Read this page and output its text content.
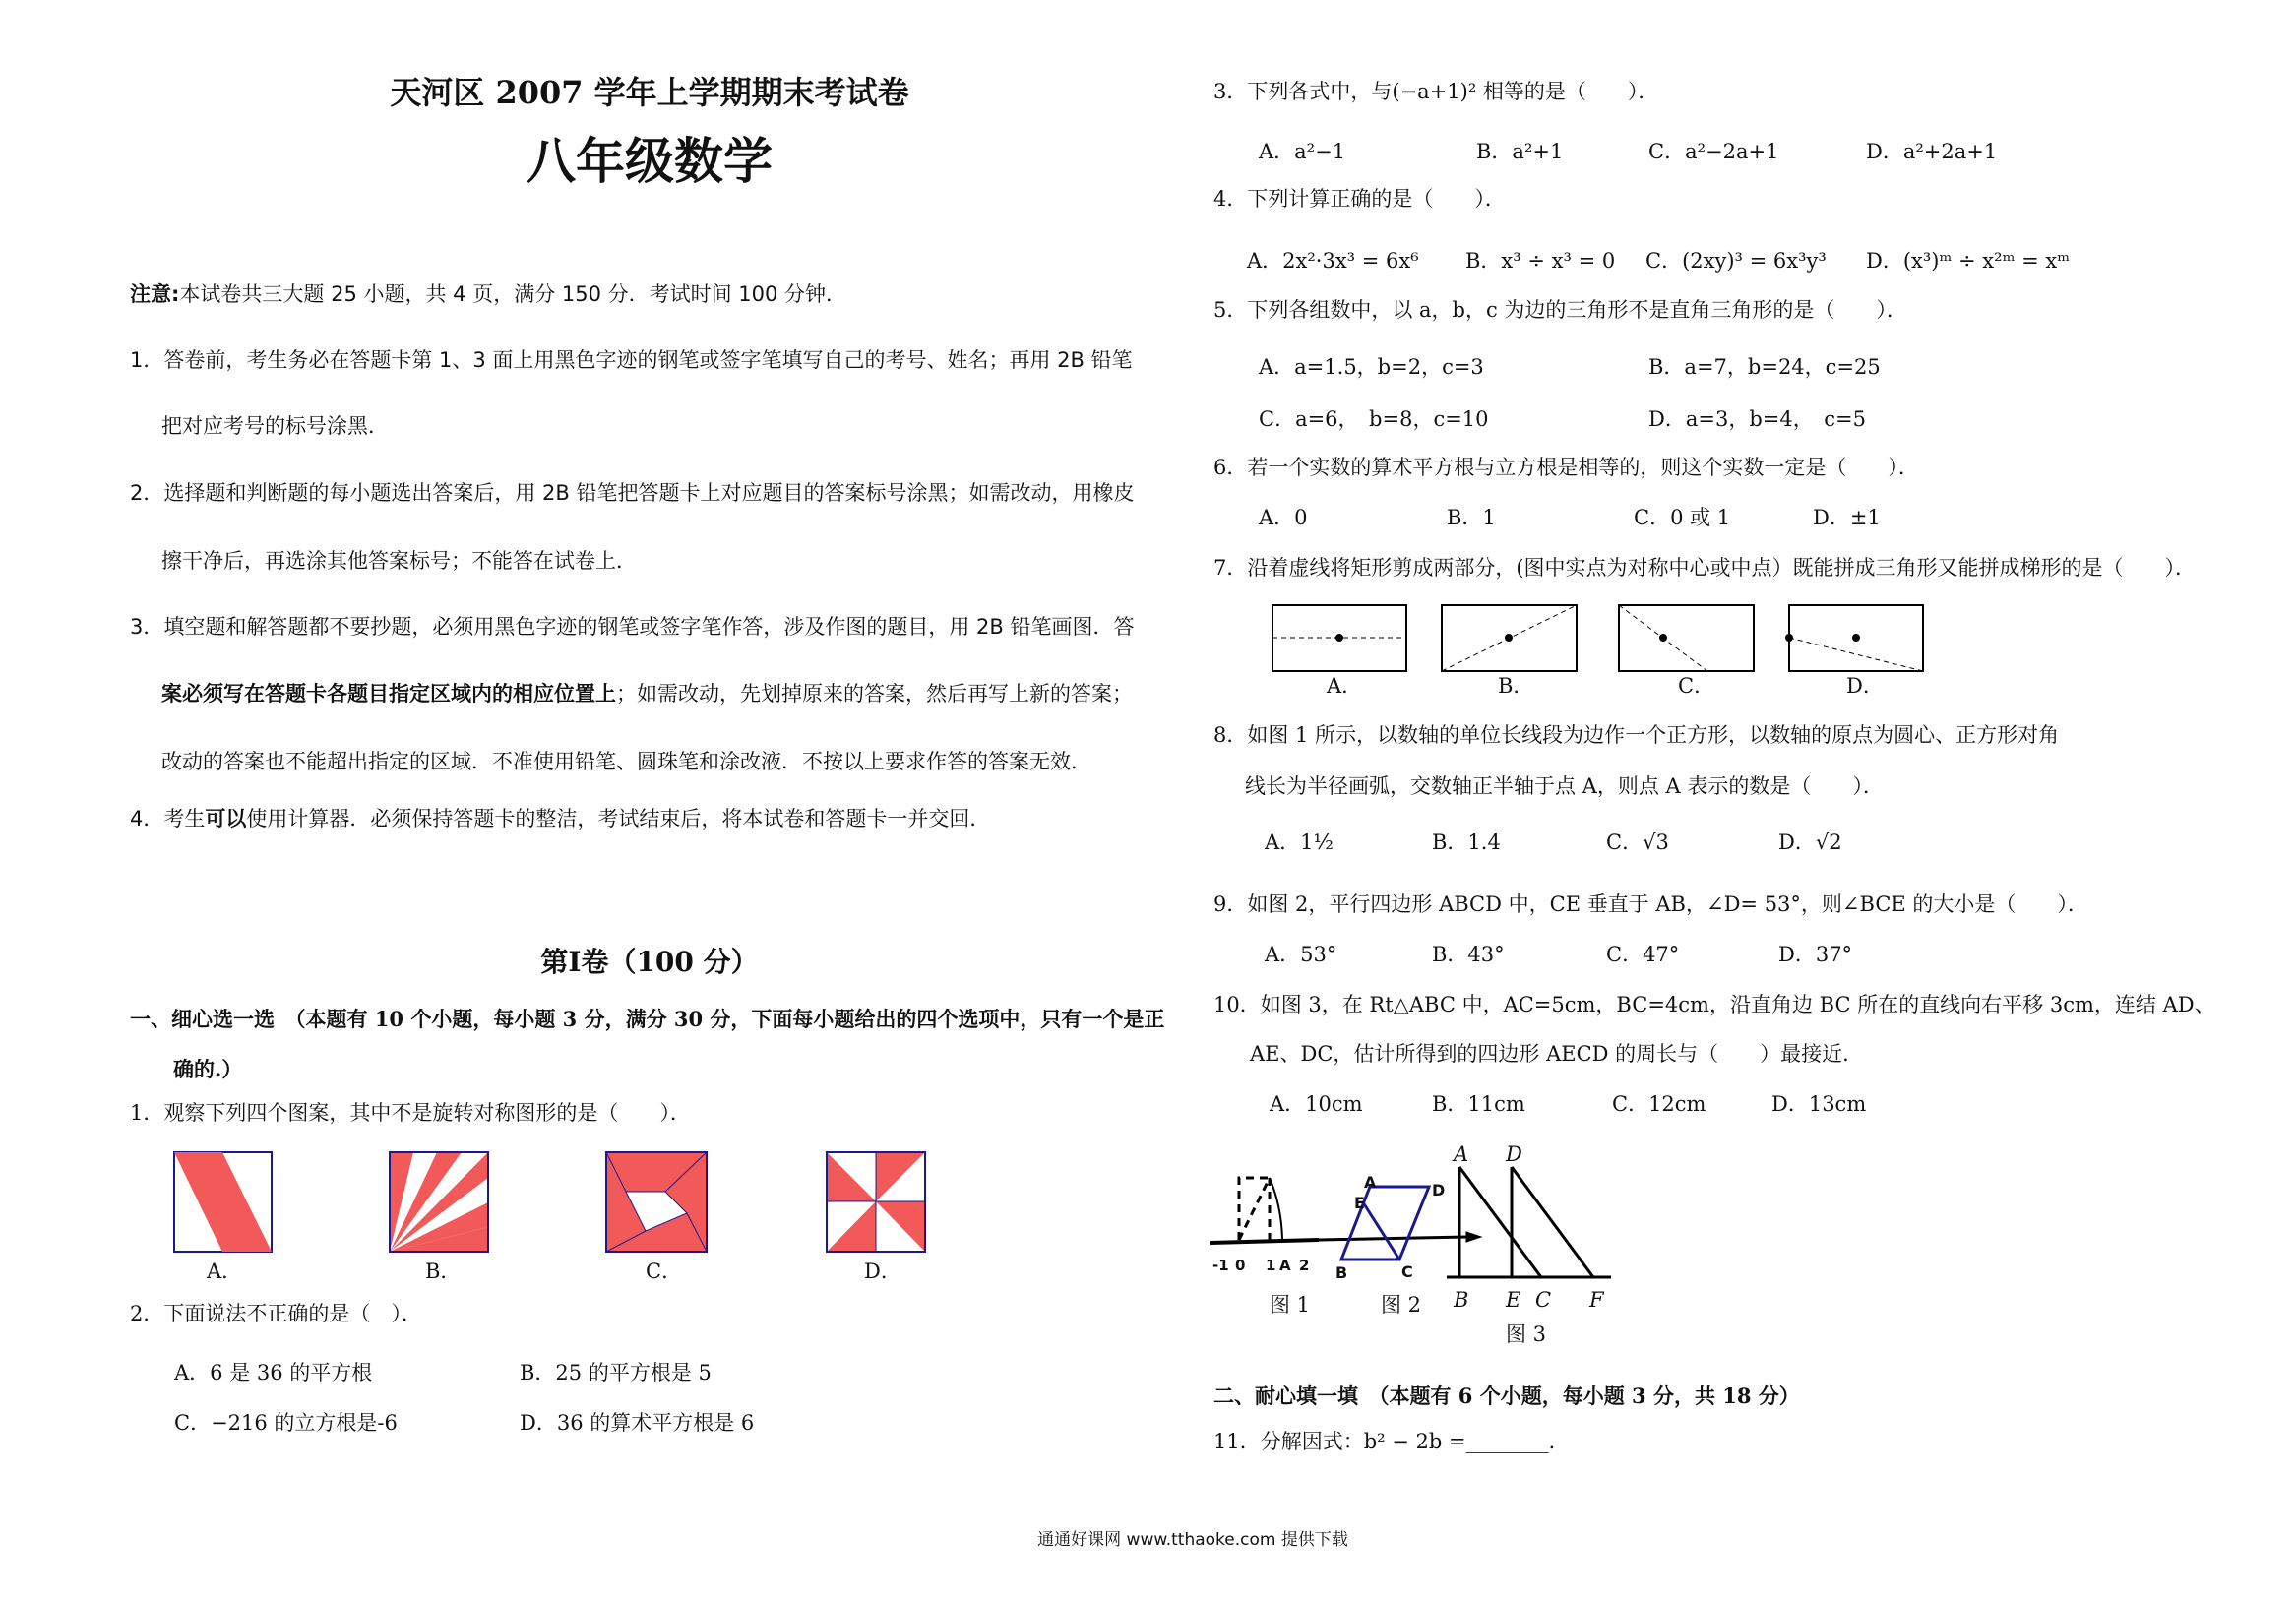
天河区 2007 学年上学期期末考试卷
八年级数学
注意:本试卷共三大题 25 小题，共 4 页，满分 150 分．考试时间 100 分钟．
1．答卷前，考生务必在答题卡第 1、3 面上用黑色字迹的钢笔或签字笔填写自己的考号、姓名；再用 2B 铅笔
把对应考号的标号涂黑．
2．选择题和判断题的每小题选出答案后，用 2B 铅笔把答题卡上对应题目的答案标号涂黑；如需改动，用橡皮
擦干净后，再选涂其他答案标号；不能答在试卷上．
3．填空题和解答题都不要抄题，必须用黑色字迹的钢笔或签字笔作答，涉及作图的题目，用 2B 铅笔画图．答
案必须写在答题卡各题目指定区域内的相应位置上；如需改动，先划掉原来的答案，然后再写上新的答案；
改动的答案也不能超出指定的区域．不准使用铅笔、圆珠笔和涂改液．不按以上要求作答的答案无效．
4．考生可以使用计算器．必须保持答题卡的整洁，考试结束后，将本试卷和答题卡一并交回．
第Ⅰ卷（100 分）
一、细心选一选　 （本题有 10 个小题，每小题 3 分，满分 30 分，下面每小题给出的四个选项中，只有一个是正
确的.）
1．观察下列四个图案，其中不是旋转对称图形的是（　　）．
A．	B．	C．	D．
2．下面说法不正确的是（　）．
A．6 是 36 的平方根	B．25 的平方根是 5
C．−216 的立方根是-6	D．36 的算术平方根是 6
3．下列各式中，与(−a+1)² 相等的是（　　）．
A．a²−1	B．a²+1	C．a²−2a+1	D．a²+2a+1
4．下列计算正确的是（　　）．
A．2x²·3x³ = 6x⁶ B．x³ ÷ x³ = 0 C．(2xy)³ = 6x³y³ D．(x³)ᵐ ÷ x²ᵐ = xᵐ
5．下列各组数中，以 a，b，c 为边的三角形不是直角三角形的是（　　）．
A．a=1.5，b=2，c=3	B．a=7，b=24，c=25
C．a=6，　b=8，c=10	D．a=3，b=4，　c=5
6．若一个实数的算术平方根与立方根是相等的，则这个实数一定是（　　）．
A．0	B．1	C．0 或 1	D．±1
7．沿着虚线将矩形剪成两部分，(图中实点为对称中心或中点）既能拼成三角形又能拼成梯形的是（　　）．
A．	B．	C．	D．
8．如图 1 所示，以数轴的单位长线段为边作一个正方形，以数轴的原点为圆心、正方形对角
线长为半径画弧，交数轴正半轴于点 A，则点 A 表示的数是（　　）．
A．1½	B．1.4	C．√3	D．√2
9．如图 2，平行四边形 ABCD 中，CE 垂直于 AB，∠D= 53°，则∠BCE 的大小是（　　）．
A．53°	B．43°	C．47°	D．37°
10．如图 3，在 Rt△ABC 中，AC=5cm，BC=4cm，沿直角边 BC 所在的直线向右平移 3cm，连结 AD、
AE、DC，估计所得到的四边形 AECD 的周长与（　　）最接近．
A．10cm	B．11cm	C．12cm	D．13cm
-1 0 1 A 2
图 1
A
B	C
D
E
图 2
A D
B E C F
图 3
二、耐心填一填　 （本题有 6 个小题，每小题 3 分，共 18 分）
11．分解因式：b² − 2b =________．
通通好课网 www.tthaoke.com 提供下载
